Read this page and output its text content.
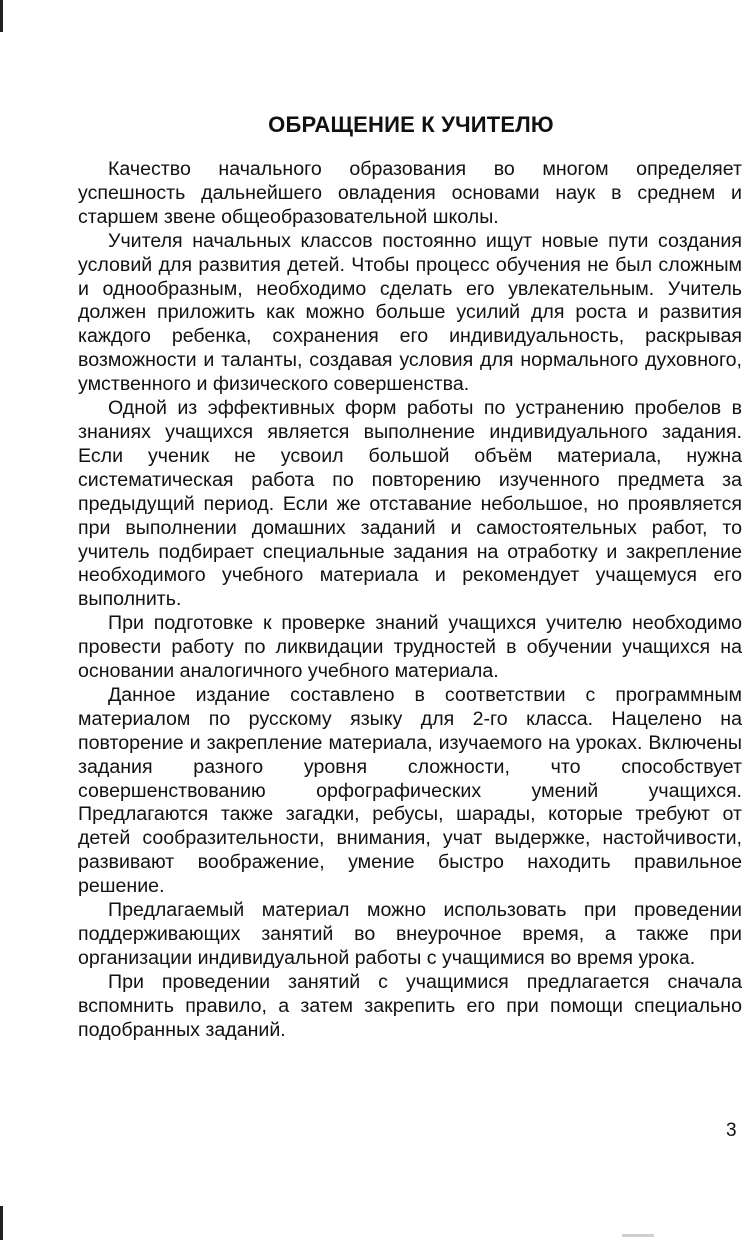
ОБРАЩЕНИЕ К УЧИТЕЛЮ

Качество начального образования во многом определяет успешность дальнейшего овладения основами наук в среднем и старшем звене общеобразовательной школы.

Учителя начальных классов постоянно ищут новые пути создания условий для развития детей. Чтобы процесс обучения не был сложным и однообразным, необходимо сделать его увлекательным. Учитель должен приложить как можно больше усилий для роста и развития каждого ребенка, сохранения его индивидуальность, раскрывая возможности и таланты, создавая условия для нормального духовного, умственного и физического совершенства.

Одной из эффективных форм работы по устранению пробелов в знаниях учащихся является выполнение индивидуального задания. Если ученик не усвоил большой объём материала, нужна систематическая работа по повторению изученного предмета за предыдущий период. Если же отставание небольшое, но проявляется при выполнении домашних заданий и самостоятельных работ, то учитель подбирает специальные задания на отработку и закрепление необходимого учебного материала и рекомендует учащемуся его выполнить.

При подготовке к проверке знаний учащихся учителю необходимо провести работу по ликвидации трудностей в обучении учащихся на основании аналогичного учебного материала.

Данное издание составлено в соответствии с программным материалом по русскому языку для 2-го класса. Нацелено на повторение и закрепление материала, изучаемого на уроках. Включены задания разного уровня сложности, что способствует совершенствованию орфографических умений учащихся. Предлагаются также загадки, ребусы, шарады, которые требуют от детей сообразительности, внимания, учат выдержке, настойчивости, развивают воображение, умение быстро находить правильное решение.

Предлагаемый материал можно использовать при проведении поддерживающих занятий во внеурочное время, а также при организации индивидуальной работы с учащимися во время урока.

При проведении занятий с учащимися предлагается сначала вспомнить правило, а затем закрепить его при помощи специально подобранных заданий.

3
